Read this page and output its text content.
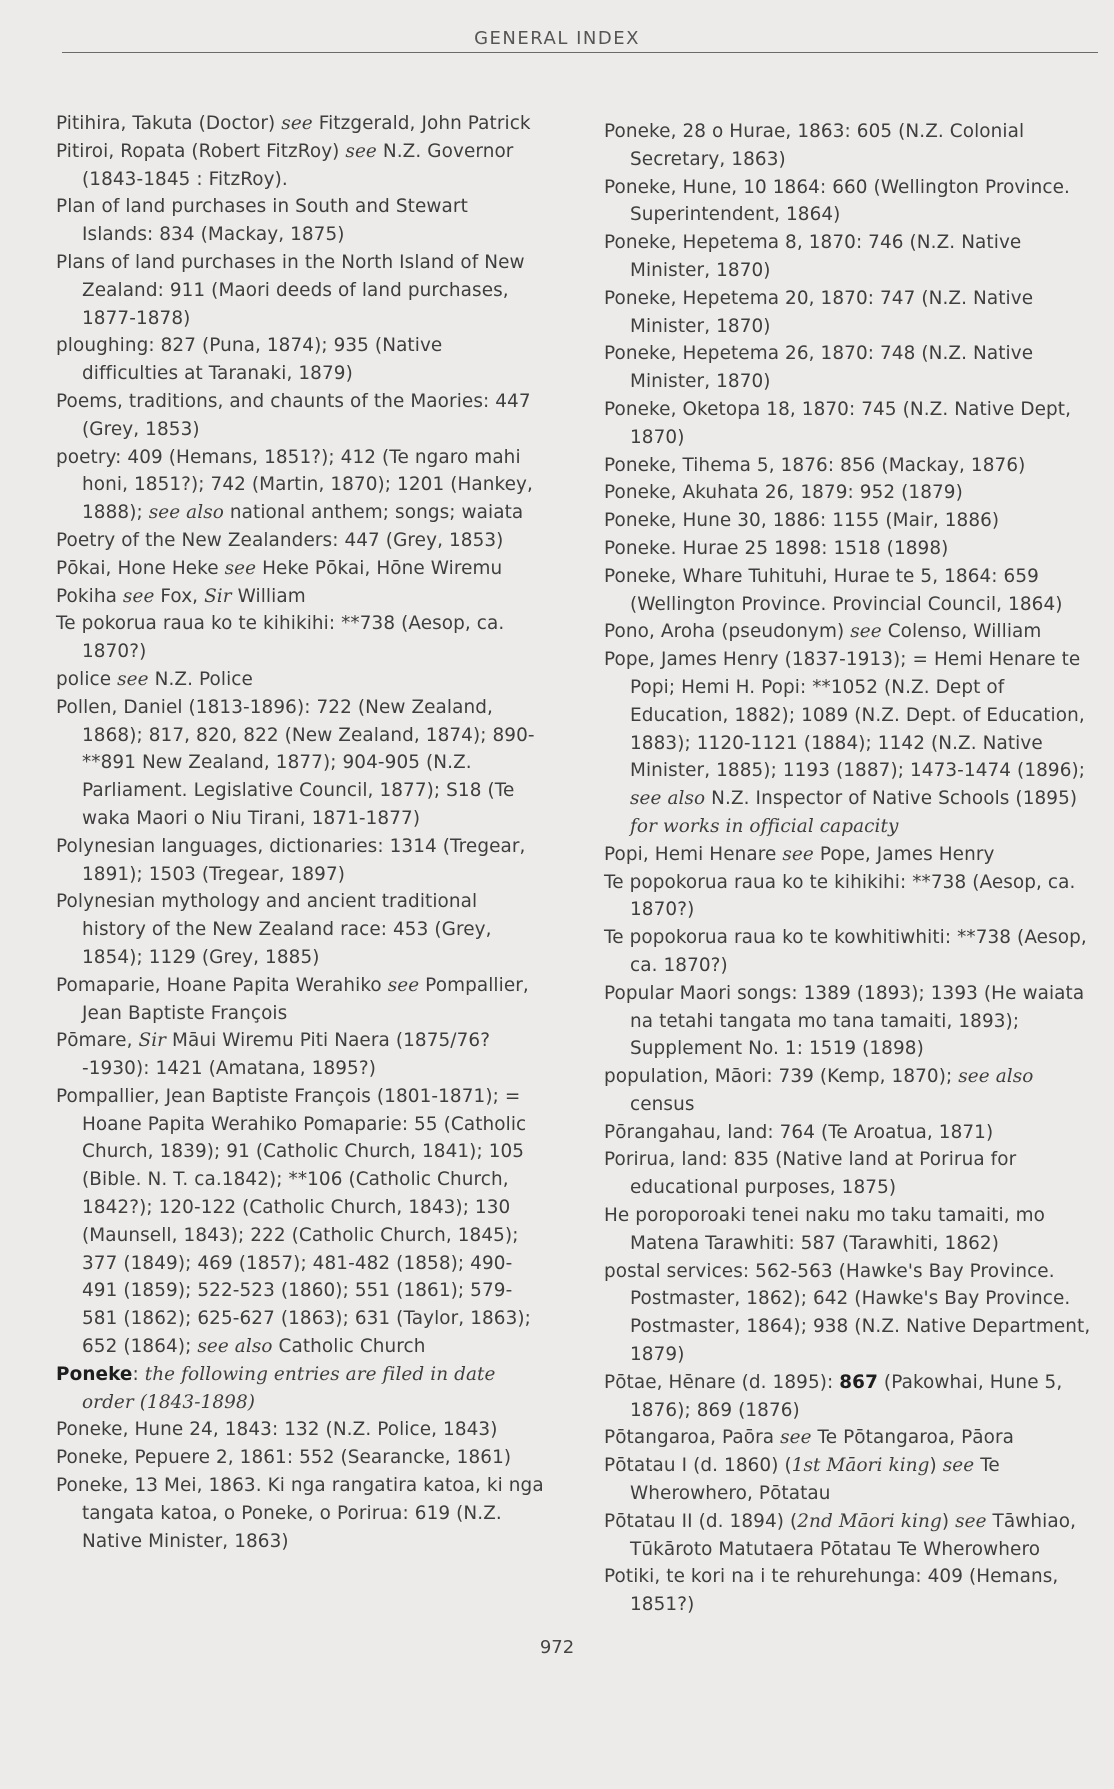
GENERAL INDEX

Pitihira, Takuta (Doctor) see Fitzgerald, John Patrick

Pitiroi, Ropata (Robert FitzRoy) see N.Z. Governor (1843-1845 : FitzRoy).

Plan of land purchases in South and Stewart Islands: 834 (Mackay, 1875)

Plans of land purchases in the North Island of New Zealand: 911 (Maori deeds of land purchases, 1877-1878)

ploughing: 827 (Puna, 1874); 935 (Native difficulties at Taranaki, 1879)

Poems, traditions, and chaunts of the Maories: 447 (Grey, 1853)

poetry: 409 (Hemans, 1851?); 412 (Te ngaro mahi honi, 1851?); 742 (Martin, 1870); 1201 (Hankey, 1888); see also national anthem; songs; waiata

Poetry of the New Zealanders: 447 (Grey, 1853)

Pōkai, Hone Heke see Heke Pōkai, Hōne Wiremu

Pokiha see Fox, Sir William

Te pokorua raua ko te kihikihi: **738 (Aesop, ca. 1870?)

police see N.Z. Police

Pollen, Daniel (1813-1896): 722 (New Zealand, 1868); 817, 820, 822 (New Zealand, 1874); 890-**891 New Zealand, 1877); 904-905 (N.Z. Parliament. Legislative Council, 1877); S18 (Te waka Maori o Niu Tirani, 1871-1877)

Polynesian languages, dictionaries: 1314 (Tregear, 1891); 1503 (Tregear, 1897)

Polynesian mythology and ancient traditional history of the New Zealand race: 453 (Grey, 1854); 1129 (Grey, 1885)

Pomaparie, Hoane Papita Werahiko see Pompallier, Jean Baptiste François

Pōmare, Sir Māui Wiremu Piti Naera (1875/76?-1930): 1421 (Amatana, 1895?)

Pompallier, Jean Baptiste François (1801-1871); = Hoane Papita Werahiko Pomaparie: 55 (Catholic Church, 1839); 91 (Catholic Church, 1841); 105 (Bible. N. T. ca.1842); **106 (Catholic Church, 1842?); 120-122 (Catholic Church, 1843); 130 (Maunsell, 1843); 222 (Catholic Church, 1845); 377 (1849); 469 (1857); 481-482 (1858); 490-491 (1859); 522-523 (1860); 551 (1861); 579-581 (1862); 625-627 (1863); 631 (Taylor, 1863); 652 (1864); see also Catholic Church

Poneke: the following entries are filed in date order (1843-1898)

Poneke, Hune 24, 1843: 132 (N.Z. Police, 1843)

Poneke, Pepuere 2, 1861: 552 (Searancke, 1861)

Poneke, 13 Mei, 1863. Ki nga rangatira katoa, ki nga tangata katoa, o Poneke, o Porirua: 619 (N.Z. Native Minister, 1863)

Poneke, 28 o Hurae, 1863: 605 (N.Z. Colonial Secretary, 1863)

Poneke, Hune, 10 1864: 660 (Wellington Province. Superintendent, 1864)

Poneke, Hepetema 8, 1870: 746 (N.Z. Native Minister, 1870)

Poneke, Hepetema 20, 1870: 747 (N.Z. Native Minister, 1870)

Poneke, Hepetema 26, 1870: 748 (N.Z. Native Minister, 1870)

Poneke, Oketopa 18, 1870: 745 (N.Z. Native Dept, 1870)

Poneke, Tihema 5, 1876: 856 (Mackay, 1876)

Poneke, Akuhata 26, 1879: 952 (1879)

Poneke, Hune 30, 1886: 1155 (Mair, 1886)

Poneke. Hurae 25 1898: 1518 (1898)

Poneke, Whare Tuhituhi, Hurae te 5, 1864: 659 (Wellington Province. Provincial Council, 1864)

Pono, Aroha (pseudonym) see Colenso, William

Pope, James Henry (1837-1913); = Hemi Henare te Popi; Hemi H. Popi: **1052 (N.Z. Dept of Education, 1882); 1089 (N.Z. Dept. of Education, 1883); 1120-1121 (1884); 1142 (N.Z. Native Minister, 1885); 1193 (1887); 1473-1474 (1896); see also N.Z. Inspector of Native Schools (1895) for works in official capacity

Popi, Hemi Henare see Pope, James Henry

Te popokorua raua ko te kihikihi: **738 (Aesop, ca. 1870?)

Te popokorua raua ko te kowhitiwhiti: **738 (Aesop, ca. 1870?)

Popular Maori songs: 1389 (1893); 1393 (He waiata na tetahi tangata mo tana tamaiti, 1893); Supplement No. 1: 1519 (1898)

population, Māori: 739 (Kemp, 1870); see also census

Pōrangahau, land: 764 (Te Aroatua, 1871)

Porirua, land: 835 (Native land at Porirua for educational purposes, 1875)

He poroporoaki tenei naku mo taku tamaiti, mo Matena Tarawhiti: 587 (Tarawhiti, 1862)

postal services: 562-563 (Hawke's Bay Province. Postmaster, 1862); 642 (Hawke's Bay Province. Postmaster, 1864); 938 (N.Z. Native Department, 1879)

Pōtae, Hēnare (d. 1895): 867 (Pakowhai, Hune 5, 1876); 869 (1876)

Pōtangaroa, Paōra see Te Pōtangaroa, Pāora

Pōtatau I (d. 1860) (1st Māori king) see Te Wherowhero, Pōtatau

Pōtatau II (d. 1894) (2nd Māori king) see Tāwhiao, Tūkāroto Matutaera Pōtatau Te Wherowhero

Potiki, te kori na i te rehurehunga: 409 (Hemans, 1851?)

972
